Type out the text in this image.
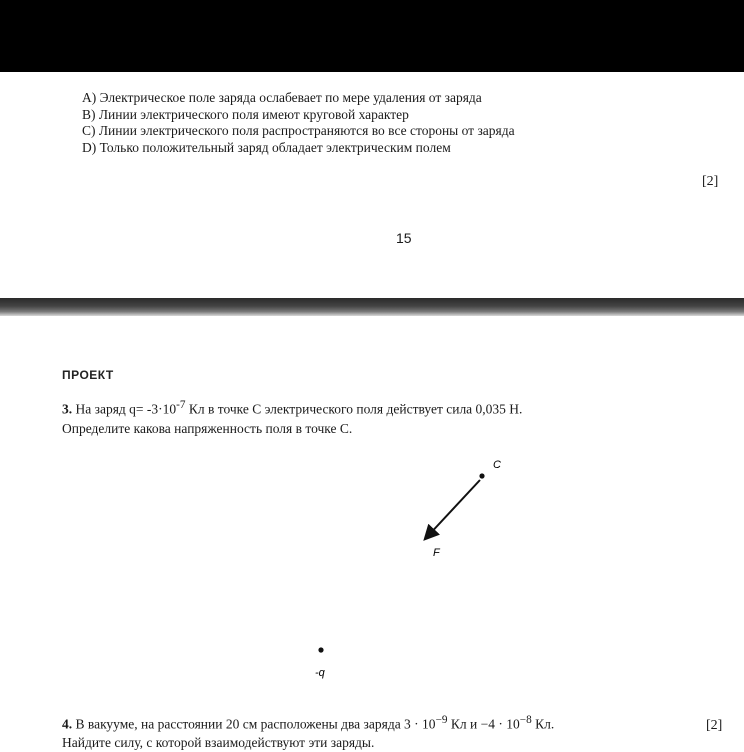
A) Электрическое поле заряда ослабевает по мере удаления от заряда
B) Линии электрического поля имеют круговой характер
C) Линии электрического поля распространяются во все стороны от заряда
D) Только положительный заряд обладает электрическим полем
[2]
15
ПРОЕКТ
3. На заряд $q= -3\cdot 10^{-7}$ Кл в точке С электрического поля действует сила 0,035 Н.
Определите какова напряженность поля в точке С.
C
F
-q
[2]
4. В вакууме, на расстоянии 20 см расположены два заряда $3 \cdot 10^{-9}$ Кл $и -4 \cdot 10^{-8}$ Кл.
Найдите силу, с которой взаимодействуют эти заряды.
